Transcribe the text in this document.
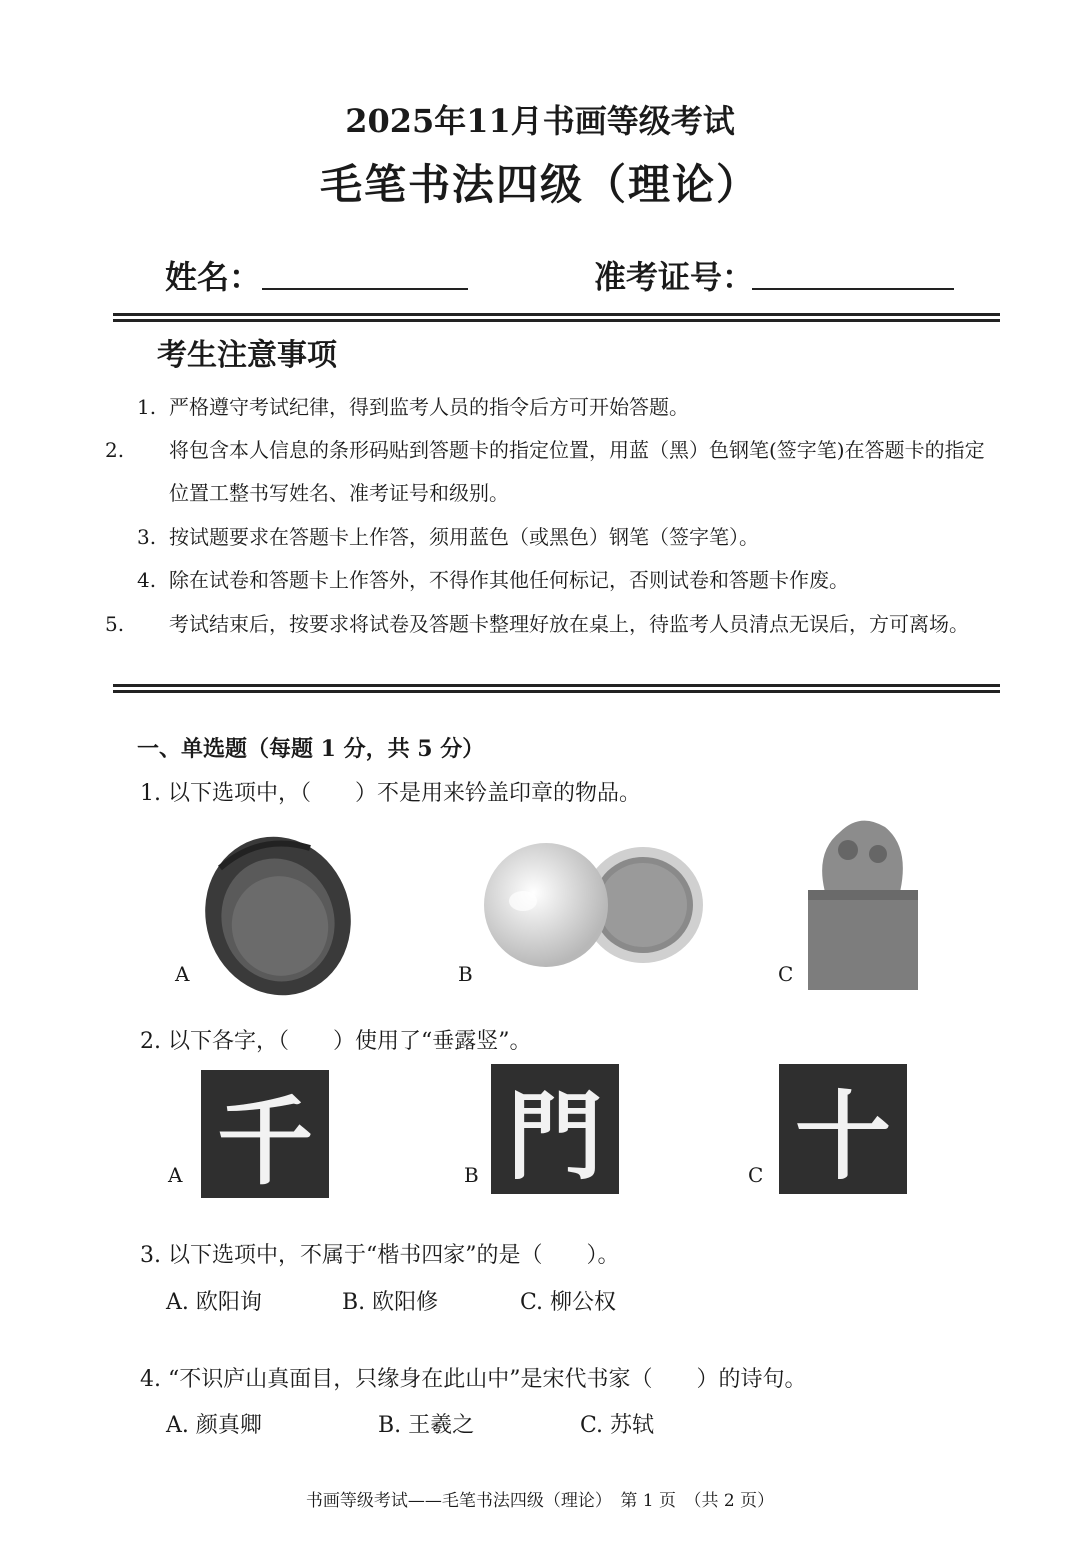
2025年11月书画等级考试
毛笔书法四级（理论）
姓名：	准考证号：
考生注意事项
1. 严格遵守考试纪律，得到监考人员的指令后方可开始答题。
2. 将包含本人信息的条形码贴到答题卡的指定位置，用蓝（黑）色钢笔(签字笔)在答题卡的指定位置工整书写姓名、准考证号和级别。
3. 按试题要求在答题卡上作答，须用蓝色（或黑色）钢笔（签字笔）。
4. 除在试卷和答题卡上作答外，不得作其他任何标记，否则试卷和答题卡作废。
5. 考试结束后，按要求将试卷及答题卡整理好放在桌上，待监考人员清点无误后，方可离场。
一、单选题（每题 1 分，共 5 分）
1. 以下选项中，（　　）不是用来钤盖印章的物品。
A	B	C
2. 以下各字，（　　）使用了“垂露竖”。
A 千	B 門	C 十
3. 以下选项中，不属于“楷书四家”的是（　　）。
A. 欧阳询	B. 欧阳修	C. 柳公权
4. “不识庐山真面目，只缘身在此山中”是宋代书家（　　）的诗句。
A. 颜真卿	B. 王羲之	C. 苏轼
书画等级考试——毛笔书法四级（理论）　第 1 页　（共 2 页）
